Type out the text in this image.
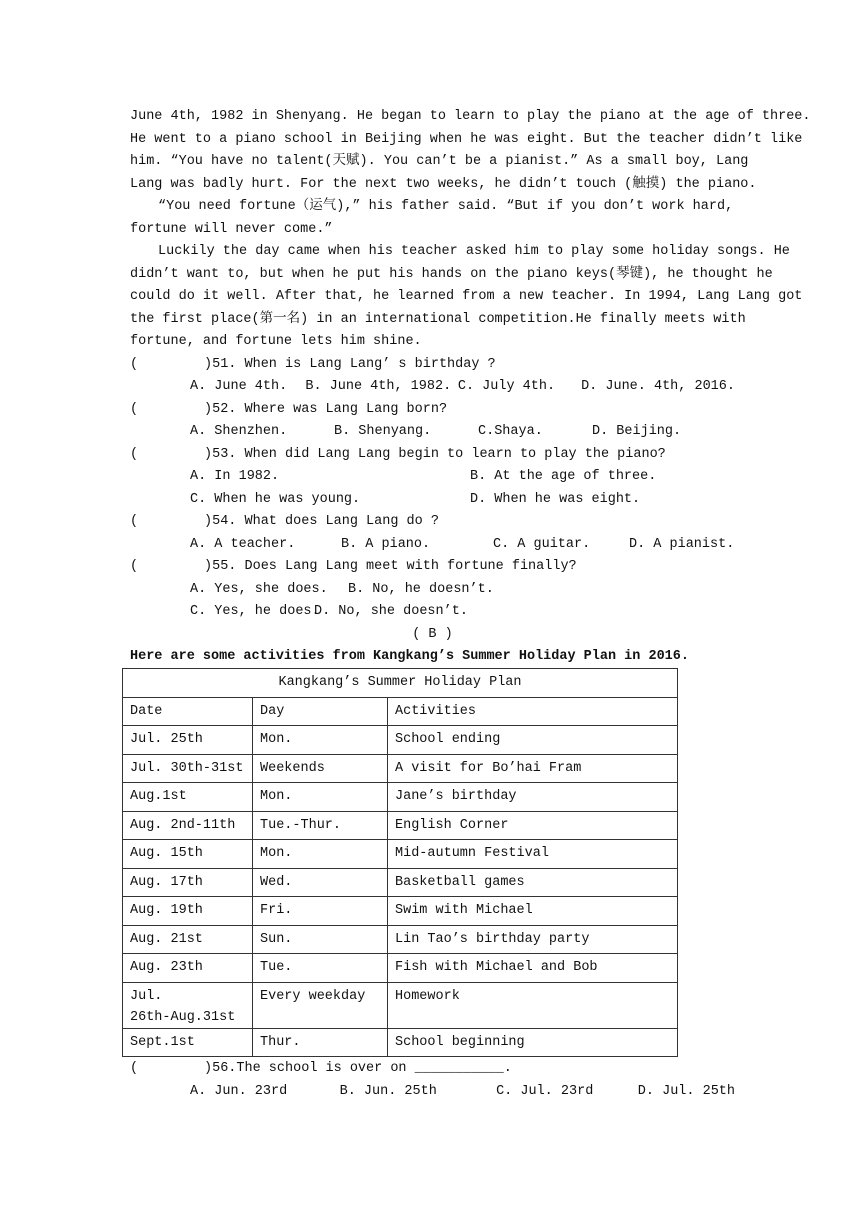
June 4th, 1982 in Shenyang. He began to learn to play the piano at the age of three.
He went to a piano school in Beijing when he was eight. But the teacher didn’t like
him. “You have no talent(天赋). You can’t be a pianist.” As a small boy, Lang
Lang was badly hurt. For the next two weeks, he didn’t touch (触摸) the piano.
“You need fortune（运气),” his father said. “But if you don’t work hard,
fortune will never come.”
Luckily the day came when his teacher asked him to play some holiday songs. He
didn’t want to, but when he put his hands on the piano keys(琴键), he thought he
could do it well. After that, he learned from a new teacher. In 1994, Lang Lang got
the first place(第一名) in an international competition.He finally meets with
fortune, and fortune lets him shine.
(	)51. When is Lang Lang’ s birthday ?
A. June 4th.	B. June 4th, 1982. C. July 4th.	D. June. 4th, 2016.
(	)52. Where was Lang Lang born?
A. Shenzhen.	B. Shenyang.	C.Shaya.	D. Beijing.
(	)53. When did Lang Lang begin to learn to play the piano?
A. In 1982.	B. At the age of three.
C. When he was young.	D. When he was eight.
(	)54. What does Lang Lang do ?
A. A teacher.	B. A piano.	C. A guitar.	D. A pianist.
(	)55. Does Lang Lang meet with fortune finally?
A. Yes, she does.	B. No, he doesn’t.
C. Yes, he does.
D. No, she doesn’t.
( B )
Here are some activities from Kangkang’s Summer Holiday Plan in 2016.
Kangkang’s Summer Holiday Plan		
Date	Day	Activities
Jul. 25th	Mon.	School ending
Jul. 30th-31st	Weekends	A visit for Bo’hai Fram
Aug.1st	Mon.	Jane’s birthday
Aug. 2nd-11th	Tue.-Thur.	English Corner
Aug. 15th	Mon.	Mid-autumn Festival
Aug. 17th	Wed.	Basketball games
Aug. 19th	Fri.	Swim with Michael
Aug. 21st	Sun.	Lin Tao’s birthday party
Aug. 23th	Tue.	Fish with Michael and Bob
Jul.
26th-Aug.31st	Every weekday	Homework
Sept.1st	Thur.	School beginning
(	)56.The school is over on ___________.
A. Jun. 23rd	B. Jun. 25th	C. Jul. 23rd	D. Jul. 25th
